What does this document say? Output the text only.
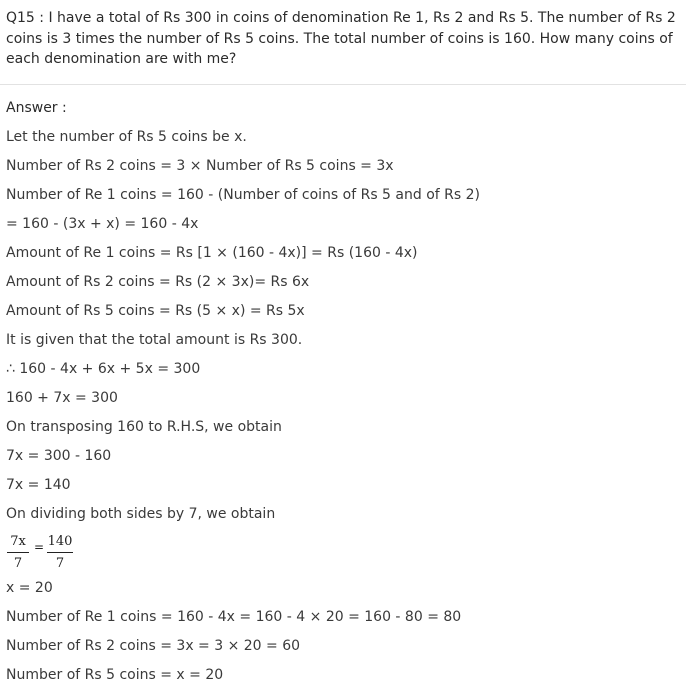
Q15 : I have a total of Rs 300 in coins of denomination Re 1, Rs 2 and Rs 5. The number of Rs 2 coins is 3 times the number of Rs 5 coins. The total number of coins is 160. How many coins of each denomination are with me?
Answer :
Let the number of Rs 5 coins be x.
Number of Rs 2 coins = 3 × Number of Rs 5 coins = 3x
Number of Re 1 coins = 160 - (Number of coins of Rs 5 and of Rs 2)
= 160 - (3x + x) = 160 - 4x
Amount of Re 1 coins = Rs [1 × (160 - 4x)] = Rs (160 - 4x)
Amount of Rs 2 coins = Rs (2 × 3x)= Rs 6x
Amount of Rs 5 coins = Rs (5 × x) = Rs 5x
It is given that the total amount is Rs 300.
∴ 160 - 4x + 6x + 5x = 300
160 + 7x = 300
On transposing 160 to R.H.S, we obtain
7x = 300 - 160
7x = 140
On dividing both sides by 7, we obtain
7x
7
= 140
7
x = 20
Number of Re 1 coins = 160 - 4x = 160 - 4 × 20 = 160 - 80 = 80
Number of Rs 2 coins = 3x = 3 × 20 = 60
Number of Rs 5 coins = x = 20
